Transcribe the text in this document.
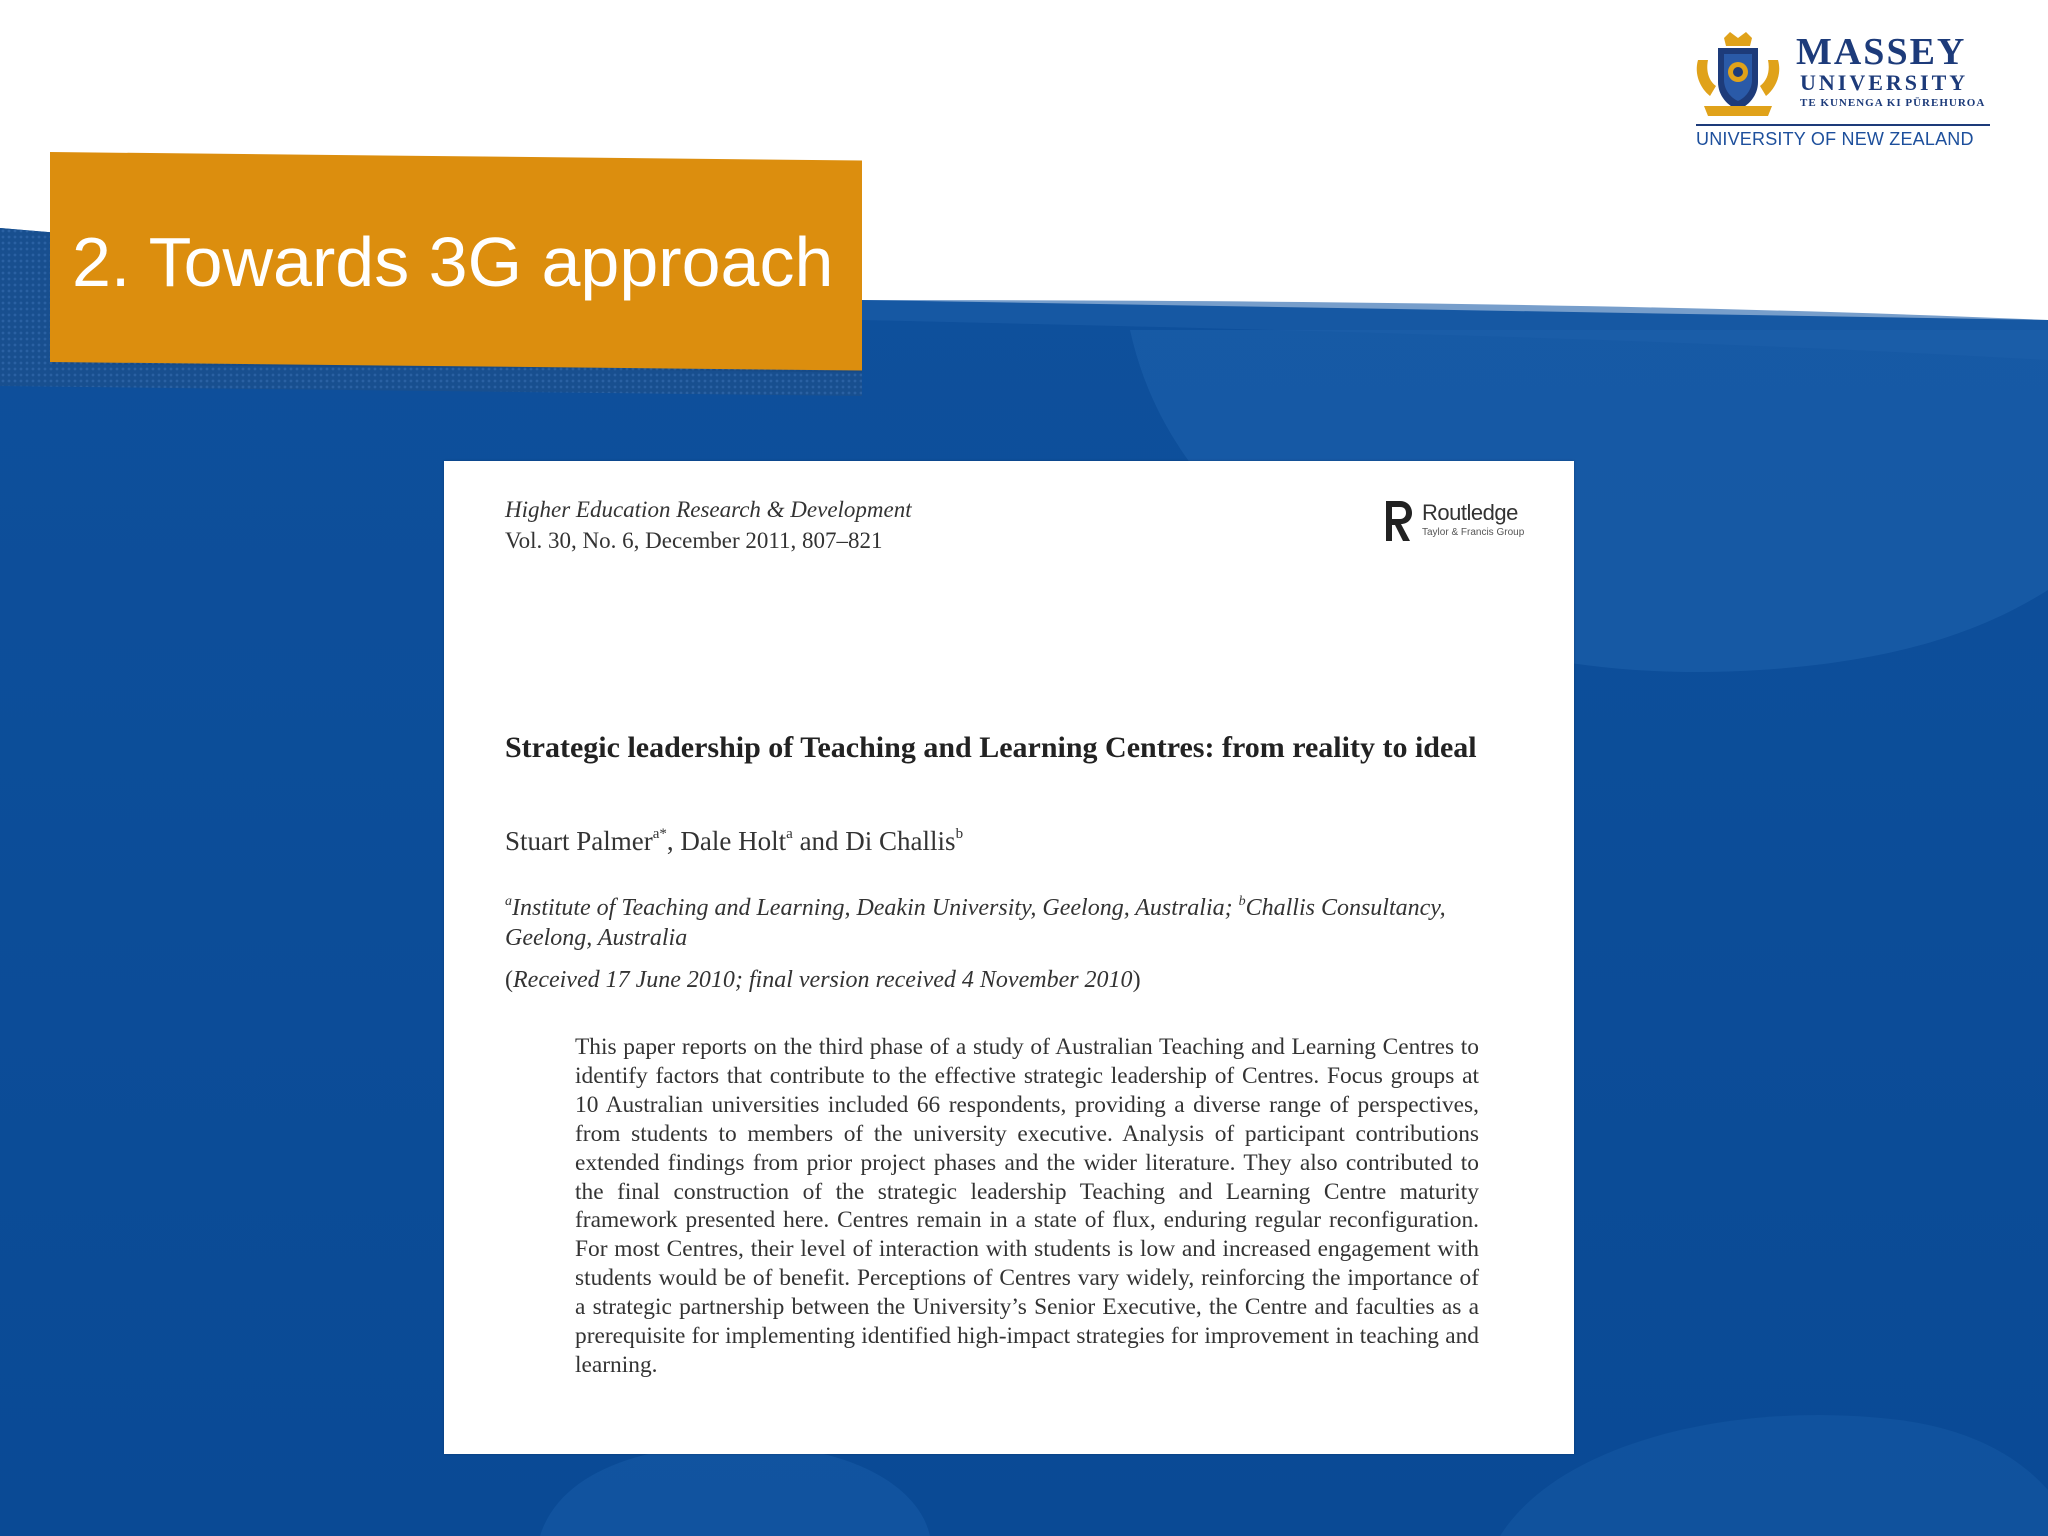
2. Towards 3G approach
MASSEY
UNIVERSITY
TE KUNENGA KI PŪREHUROA
UNIVERSITY OF NEW ZEALAND
Higher Education Research & Development
Vol. 30, No. 6, December 2011, 807–821
Routledge
Taylor & Francis Group
Strategic leadership of Teaching and Learning Centres: from reality to ideal
Stuart Palmer$^{a*}$, Dale Holt$^a$ and Di Challis$^b$
$^a$Institute of Teaching and Learning, Deakin University, Geelong, Australia; $^b$Challis Consultancy, Geelong, Australia
(Received 17 June 2010; final version received 4 November 2010)
This paper reports on the third phase of a study of Australian Teaching and Learning Centres to identify factors that contribute to the effective strategic leadership of Centres. Focus groups at 10 Australian universities included 66 respondents, providing a diverse range of perspectives, from students to members of the university executive. Analysis of participant contributions extended findings from prior project phases and the wider literature. They also contributed to the final construction of the strategic leadership Teaching and Learning Centre maturity framework presented here. Centres remain in a state of flux, enduring regular reconfiguration. For most Centres, their level of interaction with students is low and increased engagement with students would be of benefit. Perceptions of Centres vary widely, reinforcing the importance of a strategic partnership between the University’s Senior Executive, the Centre and faculties as a prerequisite for implementing identified high-impact strategies for improvement in teaching and learning.
